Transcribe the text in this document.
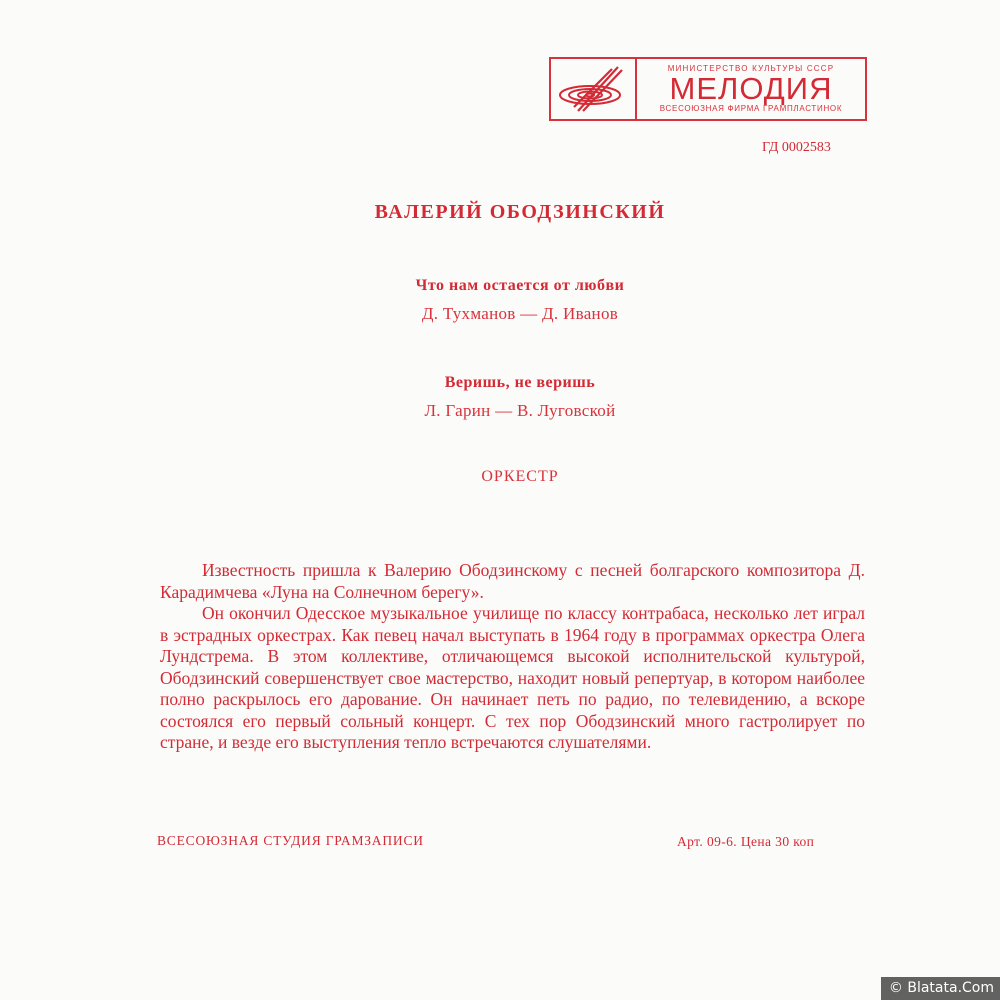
МИНИСТЕРСТВО КУЛЬТУРЫ СССР
МЕЛОДИЯ
ВСЕСОЮЗНАЯ ФИРМА ГРАМПЛАСТИНОК
ГД 0002583
ВАЛЕРИЙ ОБОДЗИНСКИЙ
Что нам остается от любви
Д. Тухманов — Д. Иванов
Веришь, не веришь
Л. Гарин — В. Луговской
ОРКЕСТР

Известность пришла к Валерию Ободзинскому с песней болгарского композитора Д. Карадимчева «Луна на Солнечном берегу».

Он окончил Одесское музыкальное училище по классу контрабаса, несколько лет играл в эстрадных оркестрах. Как певец начал выступать в 1964 году в программах оркестра Олега Лундстрема. В этом коллективе, отличающемся высокой исполнительской культурой, Ободзинский совершенствует свое мастерство, находит новый репертуар, в котором наиболее полно раскрылось его дарование. Он начинает петь по радио, по телевидению, а вскоре состоялся его первый сольный концерт. С тех пор Ободзинский много гастролирует по стране, и везде его выступления тепло встречаются слушателями.

ВСЕСОЮЗНАЯ СТУДИЯ ГРАМЗАПИСИ	Арт. 09-6. Цена 30 коп
© Blatata.Com
